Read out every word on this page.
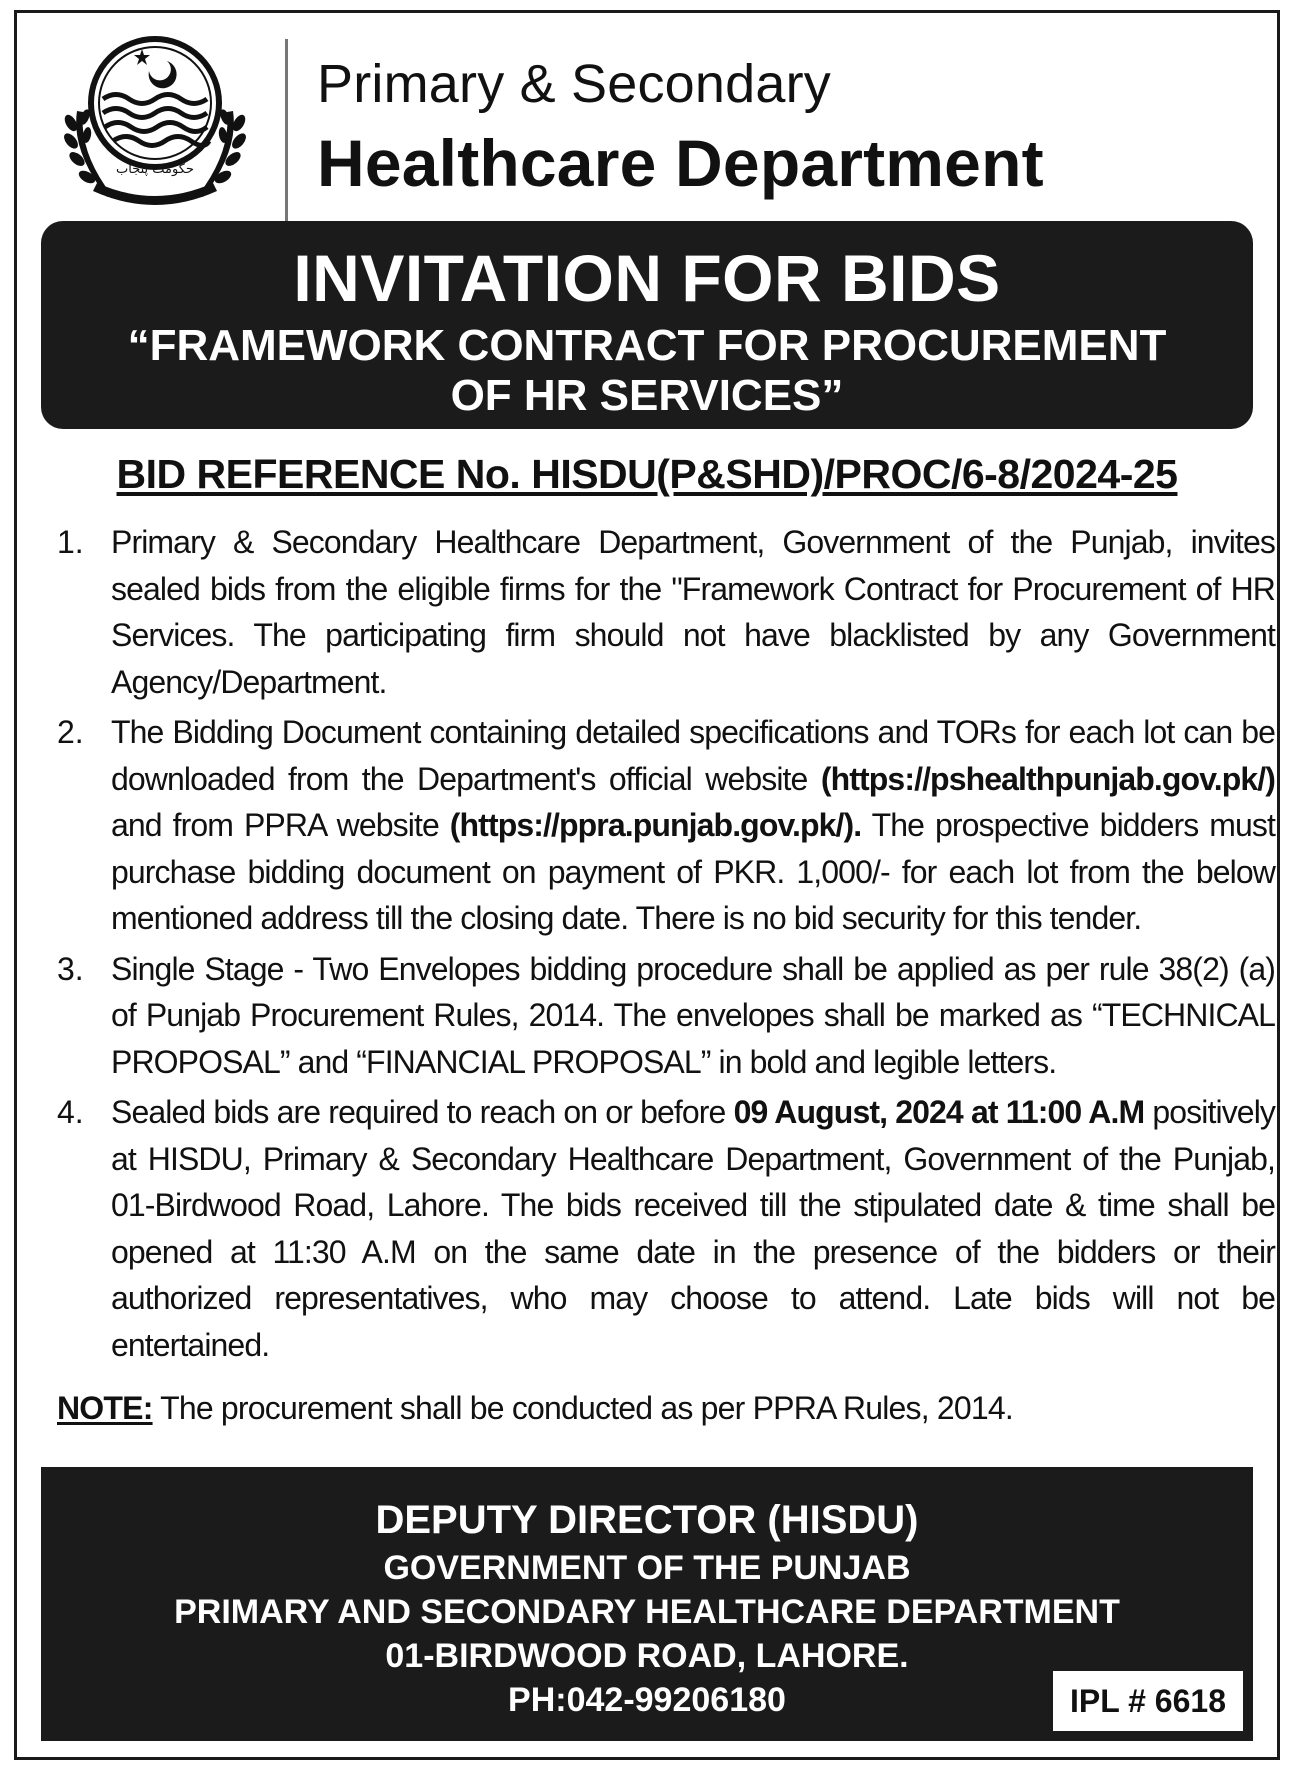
حکومت پنجاب
Primary & Secondary
Healthcare Department
INVITATION FOR BIDS
“FRAMEWORK CONTRACT FOR PROCUREMENT
OF HR SERVICES”
BID REFERENCE No. HISDU(P&SHD)/PROC/6-8/2024-25
1. Primary & Secondary Healthcare Department, Government of the Punjab, invites sealed bids from the eligible firms for the "Framework Contract for Procurement of HR Services. The participating firm should not have blacklisted by any Government Agency/Department.
2. The Bidding Document containing detailed specifications and TORs for each lot can be downloaded from the Department's official website (https://pshealthpunjab.gov.pk/) and from PPRA website (https://ppra.punjab.gov.pk/). The prospective bidders must purchase bidding document on payment of PKR. 1,000/- for each lot from the below mentioned address till the closing date. There is no bid security for this tender.
3. Single Stage - Two Envelopes bidding procedure shall be applied as per rule 38(2) (a) of Punjab Procurement Rules, 2014. The envelopes shall be marked as “TECHNICAL PROPOSAL” and “FINANCIAL PROPOSAL” in bold and legible letters.
4. Sealed bids are required to reach on or before 09 August, 2024 at 11:00 A.M positively at HISDU, Primary & Secondary Healthcare Department, Government of the Punjab, 01-Birdwood Road, Lahore. The bids received till the stipulated date & time shall be opened at 11:30 A.M on the same date in the presence of the bidders or their authorized representatives, who may choose to attend. Late bids will not be entertained.
NOTE: The procurement shall be conducted as per PPRA Rules, 2014.
DEPUTY DIRECTOR (HISDU)
GOVERNMENT OF THE PUNJAB
PRIMARY AND SECONDARY HEALTHCARE DEPARTMENT
01-BIRDWOOD ROAD, LAHORE.
PH:042-99206180	IPL # 6618
